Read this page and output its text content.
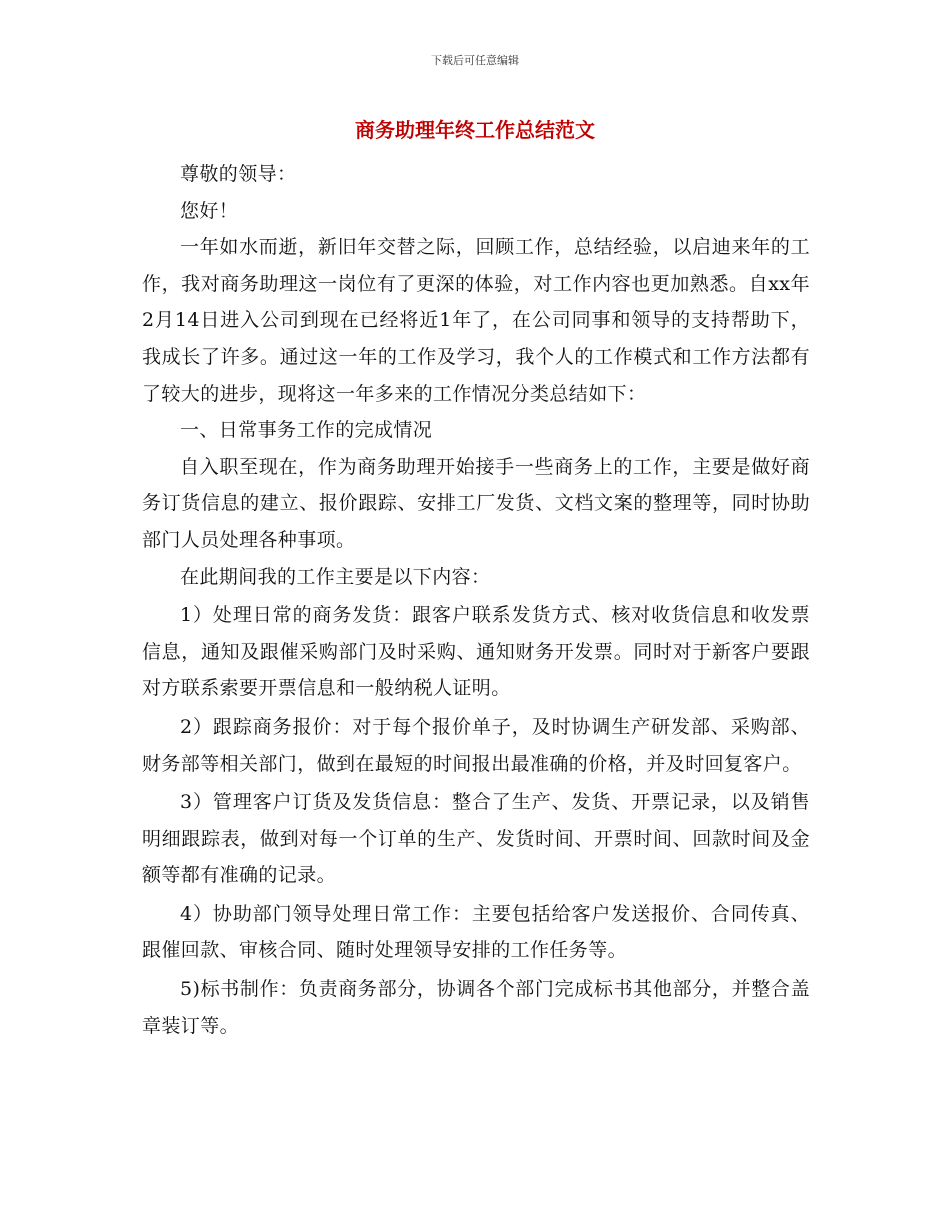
下载后可任意编辑
商务助理年终工作总结范文

尊敬的领导：

您好！

一年如水而逝，新旧年交替之际，回顾工作，总结经验，以启迪来年的工作，我对商务助理这一岗位有了更深的体验，对工作内容也更加熟悉。自xx年2月14日进入公司到现在已经将近1年了，在公司同事和领导的支持帮助下，我成长了许多。通过这一年的工作及学习，我个人的工作模式和工作方法都有了较大的进步，现将这一年多来的工作情况分类总结如下：

一、日常事务工作的完成情况

自入职至现在，作为商务助理开始接手一些商务上的工作，主要是做好商务订货信息的建立、报价跟踪、安排工厂发货、文档文案的整理等，同时协助部门人员处理各种事项。

在此期间我的工作主要是以下内容：

1）处理日常的商务发货：跟客户联系发货方式、核对收货信息和收发票信息，通知及跟催采购部门及时采购、通知财务开发票。同时对于新客户要跟对方联系索要开票信息和一般纳税人证明。

2）跟踪商务报价：对于每个报价单子，及时协调生产研发部、采购部、财务部等相关部门，做到在最短的时间报出最准确的价格，并及时回复客户。

3）管理客户订货及发货信息：整合了生产、发货、开票记录，以及销售明细跟踪表，做到对每一个订单的生产、发货时间、开票时间、回款时间及金额等都有准确的记录。

4）协助部门领导处理日常工作：主要包括给客户发送报价、合同传真、跟催回款、审核合同、随时处理领导安排的工作任务等。

5)标书制作：负责商务部分，协调各个部门完成标书其他部分，并整合盖章装订等。
